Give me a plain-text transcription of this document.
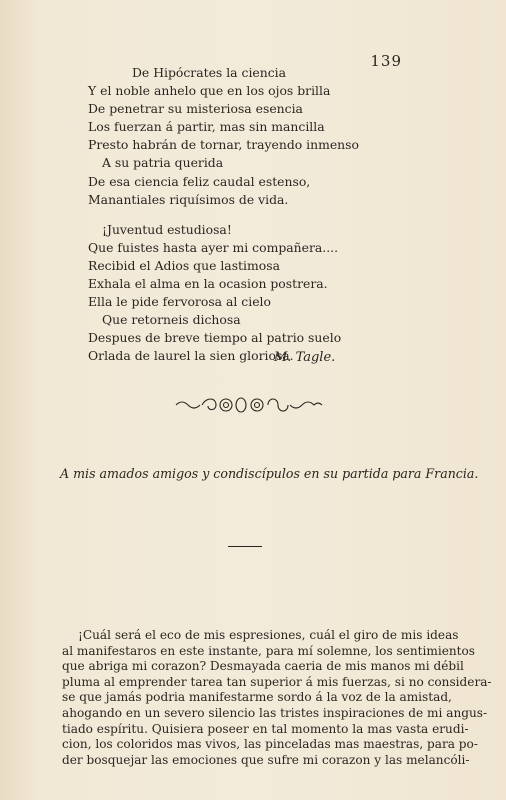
139
De Hipócrates la ciencia
Y el noble anhelo que en los ojos brilla
De penetrar su misteriosa esencia
Los fuerzan á partir, mas sin mancilla
Presto habrán de tornar, trayendo inmenso
A su patria querida
De esa ciencia feliz caudal estenso,
Manantiales riquísimos de vida.
¡Juventud estudiosa!
Que fuistes hasta ayer mi compañera....
Recibid el Adios que lastimosa
Exhala el alma en la ocasion postrera.
Ella le pide fervorosa al cielo
Que retorneis dichosa
Despues de breve tiempo al patrio suelo
Orlada de laurel la sien gloriosa.
M. Tagle.
A mis amados amigos y condiscípulos en su partida para Francia.
¡Cuál será el eco de mis espresiones, cuál el giro de mis ideas
al manifestaros en este instante, para mí solemne, los sentimientos
que abriga mi corazon? Desmayada caeria de mis manos mi débil
pluma al emprender tarea tan superior á mis fuerzas, si no considera-
se que jamás podria manifestarme sordo á la voz de la amistad,
ahogando en un severo silencio las tristes inspiraciones de mi angus-
tiado espíritu. Quisiera poseer en tal momento la mas vasta erudi-
cion, los coloridos mas vivos, las pinceladas mas maestras, para po-
der bosquejar las emociones que sufre mi corazon y las melancóli-
